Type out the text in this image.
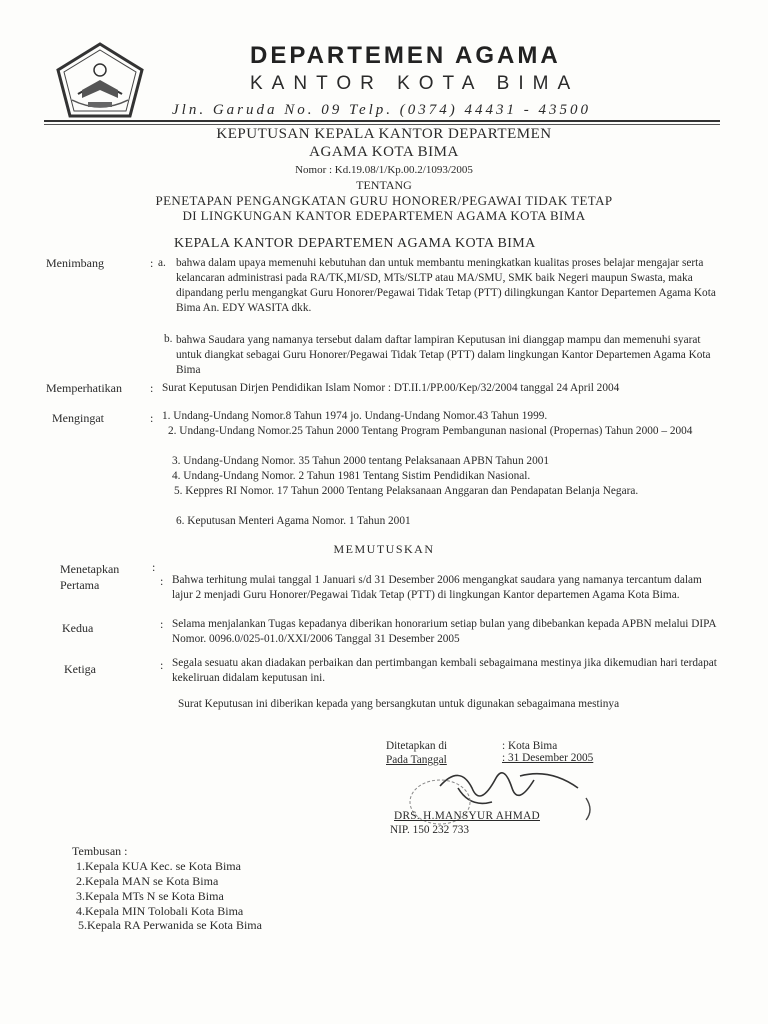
DEPARTEMEN AGAMA
KANTOR KOTA BIMA
Jln. Garuda No. 09 Telp. (0374) 44431 - 43500
KEPUTUSAN KEPALA KANTOR DEPARTEMEN
AGAMA KOTA BIMA
Nomor : Kd.19.08/1/Kp.00.2/1093/2005
TENTANG
PENETAPAN PENGANGKATAN GURU HONORER/PEGAWAI TIDAK TETAP
DI LINGKUNGAN KANTOR EDEPARTEMEN AGAMA KOTA BIMA
KEPALA KANTOR DEPARTEMEN AGAMA KOTA BIMA
Menimbang	: a. bahwa dalam upaya memenuhi kebutuhan dan untuk membantu meningkatkan kualitas proses belajar mengajar serta kelancaran administrasi pada RA/TK,MI/SD, MTs/SLTP atau MA/SMU, SMK baik Negeri maupun Swasta, maka dipandang perlu mengangkat Guru Honorer/Pegawai Tidak Tetap (PTT) dilingkungan Kantor Departemen Agama Kota Bima An. EDY WASITA dkk.
b. bahwa Saudara yang namanya tersebut dalam daftar lampiran Keputusan ini dianggap mampu dan memenuhi syarat untuk diangkat sebagai Guru Honorer/Pegawai Tidak Tetap (PTT) dalam lingkungan Kantor Departemen Agama Kota Bima
Memperhatikan : Surat Keputusan Dirjen Pendidikan Islam Nomor : DT.II.1/PP.00/Kep/32/2004 tanggal 24 April 2004
Mengingat	: 1. Undang-Undang Nomor.8 Tahun 1974 jo. Undang-Undang Nomor.43 Tahun 1999.
2. Undang-Undang Nomor.25 Tahun 2000 Tentang Program Pembangunan nasional (Propernas) Tahun 2000 – 2004
3. Undang-Undang Nomor. 35 Tahun 2000 tentang Pelaksanaan APBN Tahun 2001
4. Undang-Undang Nomor. 2 Tahun 1981 Tentang Sistim Pendidikan Nasional.
5. Keppres RI Nomor. 17 Tahun 2000 Tentang Pelaksanaan Anggaran dan Pendapatan Belanja Negara.
6. Keputusan Menteri Agama Nomor. 1 Tahun 2001
MEMUTUSKAN
Menetapkan	:
Pertama	: Bahwa terhitung mulai tanggal 1 Januari s/d 31 Desember 2006 mengangkat saudara yang namanya tercantum dalam lajur 2 menjadi Guru Honorer/Pegawai Tidak Tetap (PTT) di lingkungan Kantor departemen Agama Kota Bima.
Kedua	: Selama menjalankan Tugas kepadanya diberikan honorarium setiap bulan yang dibebankan kepada APBN melalui DIPA Nomor. 0096.0/025-01.0/XXI/2006 Tanggal 31 Desember 2005
Ketiga	: Segala sesuatu akan diadakan perbaikan dan pertimbangan kembali sebagaimana mestinya jika dikemudian hari terdapat kekeliruan didalam keputusan ini.
Surat Keputusan ini diberikan kepada yang bersangkutan untuk digunakan sebagaimana mestinya
Ditetapkan di	: Kota Bima
Pada Tanggal	: 31 Desember 2005
DRS. H.MANSYUR AHMAD
NIP. 150 232 733
Tembusan :
1.Kepala KUA Kec. se Kota Bima
2.Kepala MAN se Kota Bima
3.Kepala MTs N se Kota Bima
4.Kepala MIN Tolobali Kota Bima
5.Kepala RA Perwanida se Kota Bima
